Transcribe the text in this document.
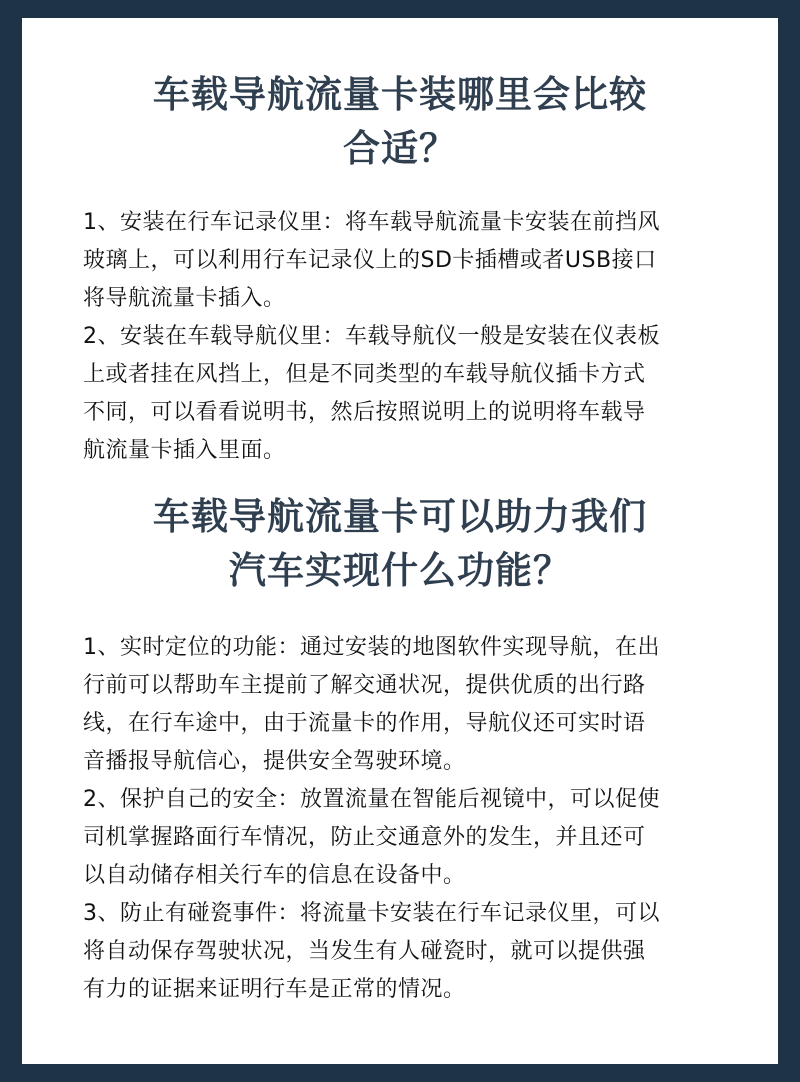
车载导航流量卡装哪里会比较
合适？
1、安装在行车记录仪里：将车载导航流量卡安装在前挡风
玻璃上，可以利用行车记录仪上的SD卡插槽或者USB接口
将导航流量卡插入。
2、安装在车载导航仪里：车载导航仪一般是安装在仪表板
上或者挂在风挡上，但是不同类型的车载导航仪插卡方式
不同，可以看看说明书，然后按照说明上的说明将车载导
航流量卡插入里面。
车载导航流量卡可以助力我们
汽车实现什么功能？
1、实时定位的功能：通过安装的地图软件实现导航，在出
行前可以帮助车主提前了解交通状况，提供优质的出行路
线，在行车途中，由于流量卡的作用，导航仪还可实时语
音播报导航信心，提供安全驾驶环境。
2、保护自己的安全：放置流量在智能后视镜中，可以促使
司机掌握路面行车情况，防止交通意外的发生，并且还可
以自动储存相关行车的信息在设备中。
3、防止有碰瓷事件：将流量卡安装在行车记录仪里，可以
将自动保存驾驶状况，当发生有人碰瓷时，就可以提供强
有力的证据来证明行车是正常的情况。
